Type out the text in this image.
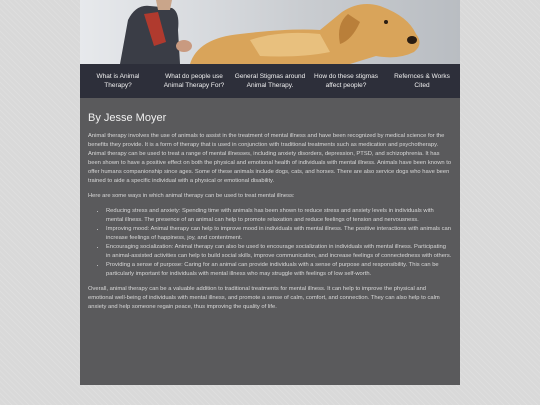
What is Animal Therapy?
What do people use Animal Therapy For?
General Stigmas around Animal Therapy.
How do these stigmas affect people?
Refernces & Works Cited
By Jesse Moyer

Animal therapy involves the use of animals to assist in the treatment of mental illness and have been recognized by medical science for the benefits they provide. It is a form of therapy that is used in conjunction with traditional treatments such as medication and psychotherapy. Animal therapy can be used to treat a range of mental illnesses, including anxiety disorders, depression, PTSD, and schizophrenia. It has been shown to have a positive effect on both the physical and emotional health of individuals with mental illness. Animals have been known to offer humans companionship since ages. Some of these animals include dogs, cats, and horses. There are also service dogs who have been trained to aide a specific individual with a physical or emotional disability.

Here are some ways in which animal therapy can be used to treat mental illness:

• Reducing stress and anxiety: Spending time with animals has been shown to reduce stress and anxiety levels in individuals with mental illness. The presence of an animal can help to promote relaxation and reduce feelings of tension and nervousness.
• Improving mood: Animal therapy can help to improve mood in individuals with mental illness. The positive interactions with animals can increase feelings of happiness, joy, and contentment.
• Encouraging socialization: Animal therapy can also be used to encourage socialization in individuals with mental illness. Participating in animal-assisted activities can help to build social skills, improve communication, and increase feelings of connectedness with others.
• Providing a sense of purpose: Caring for an animal can provide individuals with a sense of purpose and responsibility. This can be particularly important for individuals with mental illness who may struggle with feelings of low self-worth.

Overall, animal therapy can be a valuable addition to traditional treatments for mental illness. It can help to improve the physical and emotional well-being of individuals with mental illness, and promote a sense of calm, comfort, and connection. They can also help to calm anxiety and help someone regain peace, thus improving the quality of life.
